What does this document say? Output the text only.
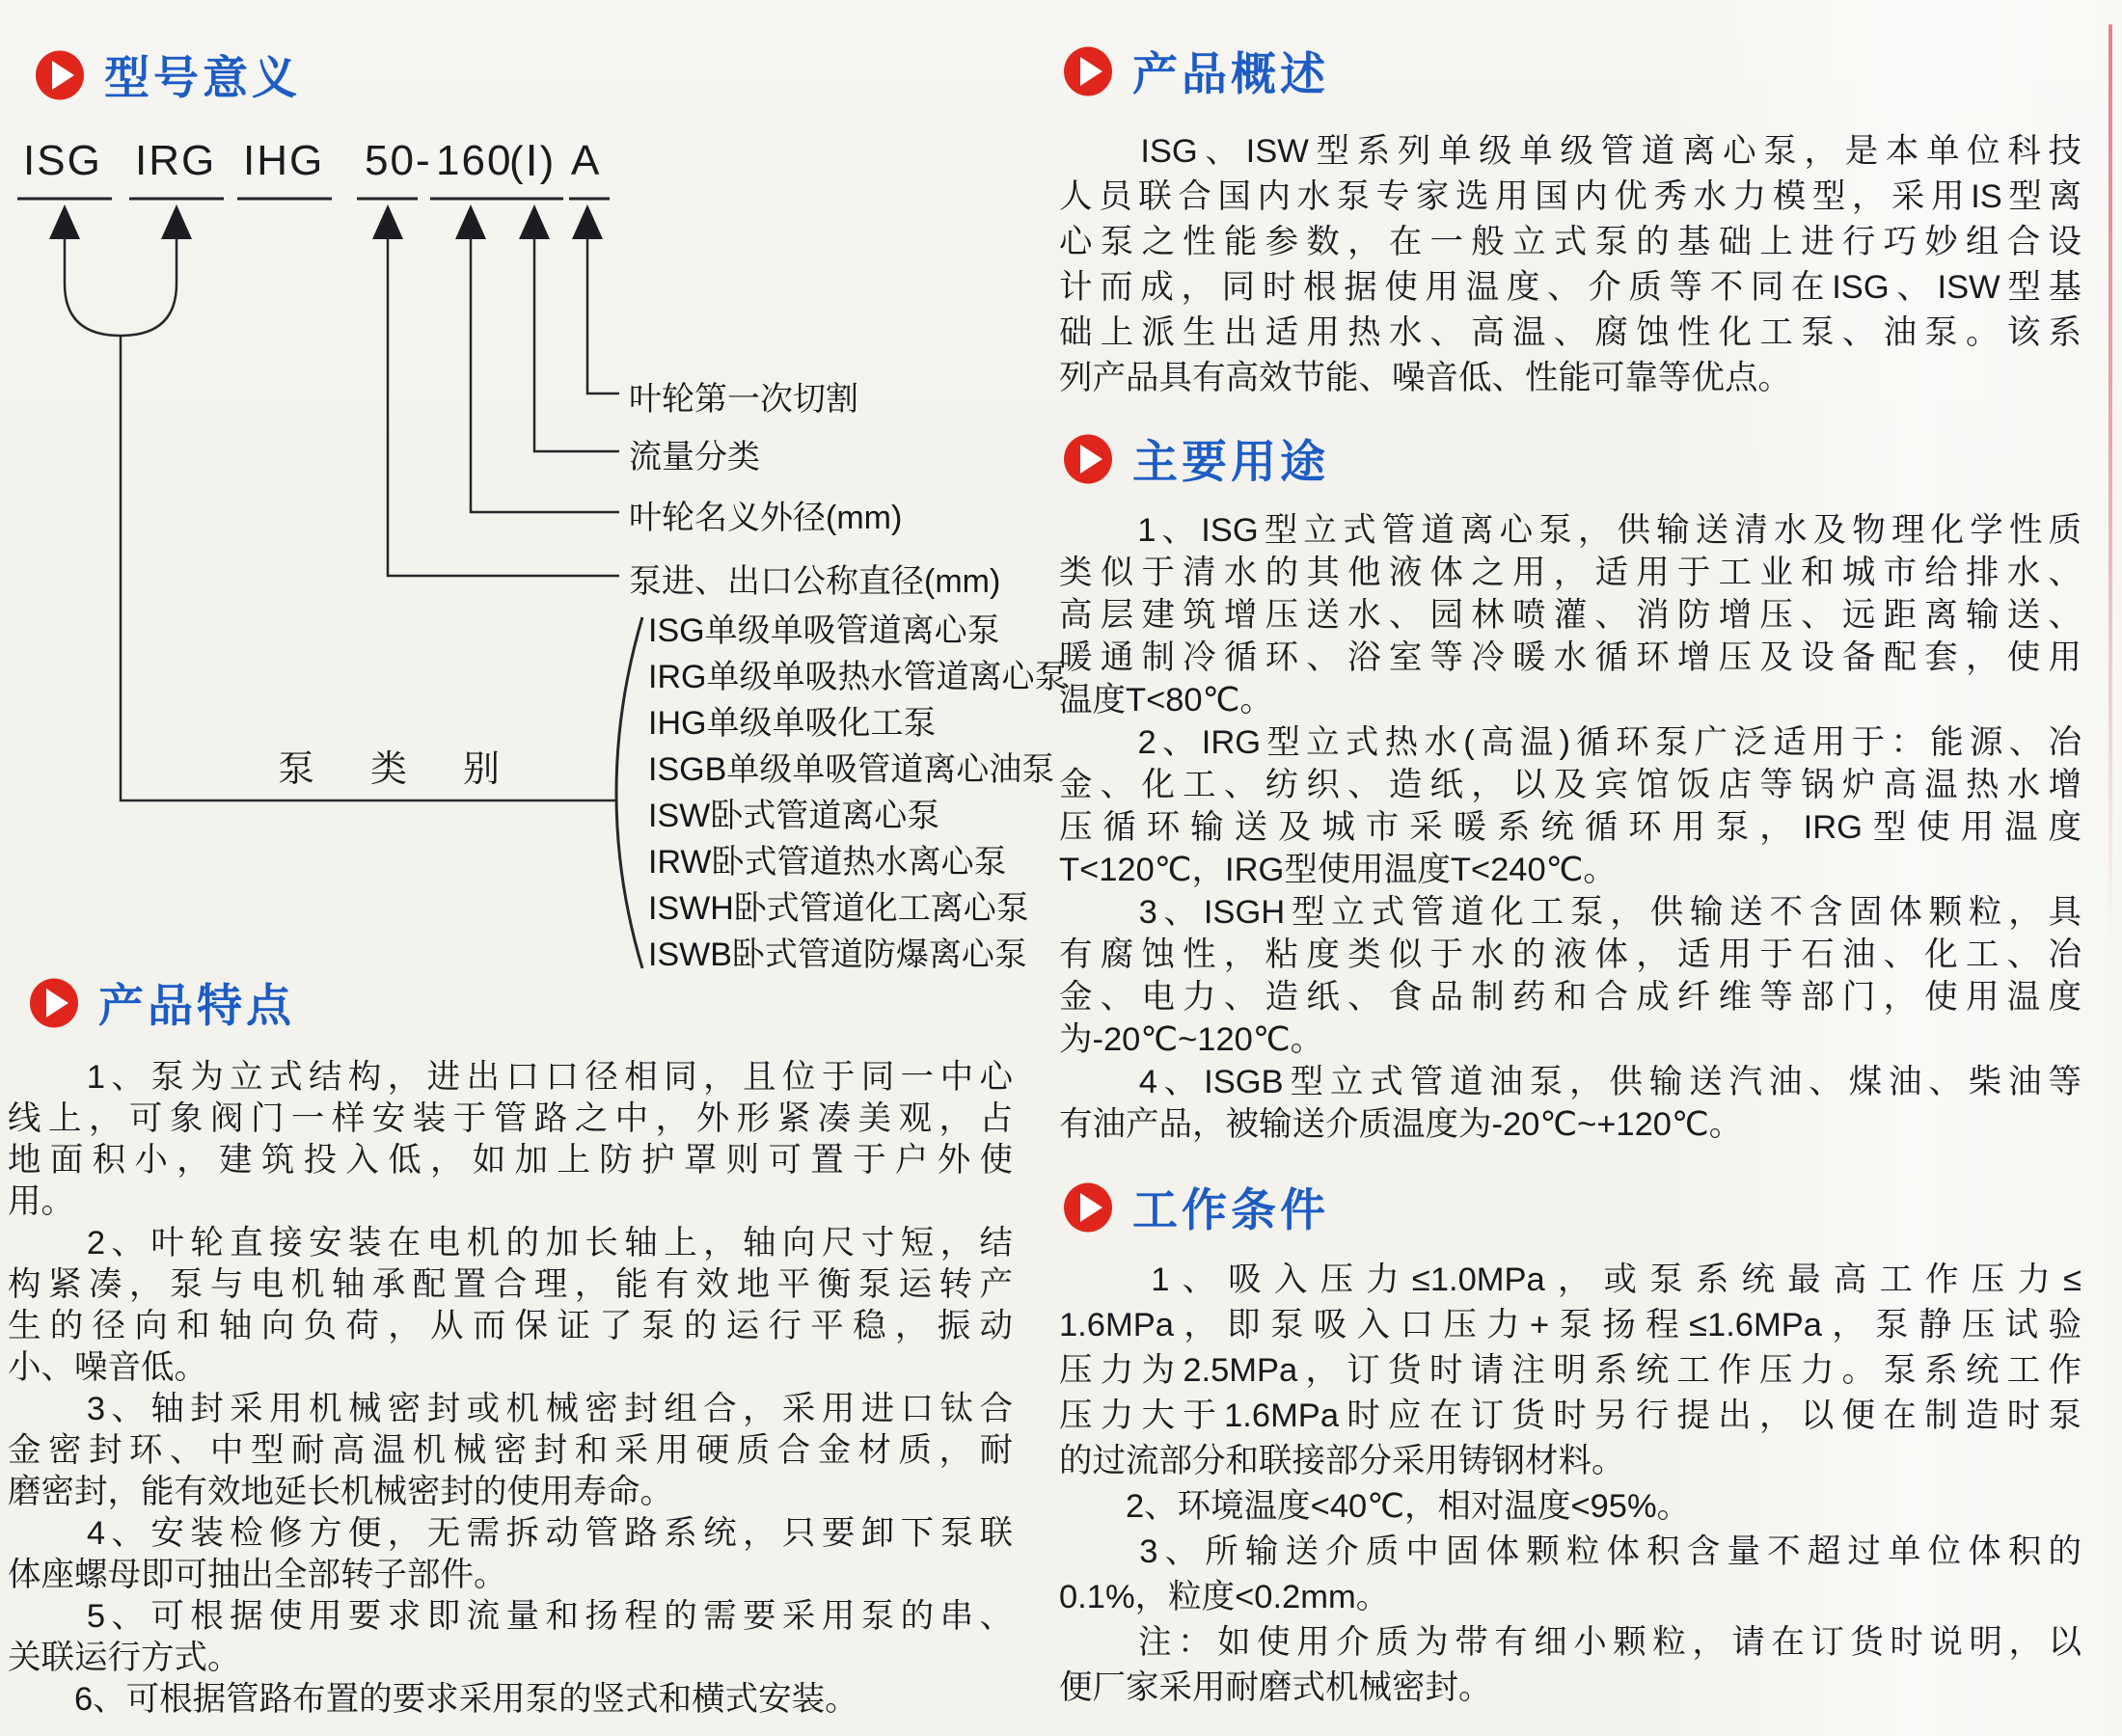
型号意义
ISG IRG IHG 50 - 160
(Ⅰ) A
叶轮第一次切割
流量分类
叶轮名义外径(mm)
泵进、出口公称直径(mm)
泵　类　别
ISG单级单吸管道离心泵
IRG单级单吸热水管道离心泵
IHG单级单吸化工泵
ISGB单级单吸管道离心油泵
ISW卧式管道离心泵
IRW卧式管道热水离心泵
ISWH卧式管道化工离心泵
ISWB卧式管道防爆离心泵
产品特点
　　1、泵为立式结构，进出口口径相同，且位于同一中心
线上，可象阀门一样安装于管路之中，外形紧凑美观，占
地面积小，建筑投入低，如加上防护罩则可置于户外使
用。
　　2、叶轮直接安装在电机的加长轴上，轴向尺寸短，结
构紧凑，泵与电机轴承配置合理，能有效地平衡泵运转产
生的径向和轴向负荷，从而保证了泵的运行平稳，振动
小、噪音低。
　　3、轴封采用机械密封或机械密封组合，采用进口钛合
金密封环、中型耐高温机械密封和采用硬质合金材质，耐
磨密封，能有效地延长机械密封的使用寿命。
　　4、安装检修方便，无需拆动管路系统，只要卸下泵联
体座螺母即可抽出全部转子部件。
　　5、可根据使用要求即流量和扬程的需要采用泵的串、
关联运行方式。
　　6、可根据管路布置的要求采用泵的竖式和横式安装。
产品概述
　　ISG、ISW型系列单级单级管道离心泵，是本单位科技
人员联合国内水泵专家选用国内优秀水力模型，采用IS型离
心泵之性能参数，在一般立式泵的基础上进行巧妙组合设
计而成，同时根据使用温度、介质等不同在ISG、ISW型基
础上派生出适用热水、高温、腐蚀性化工泵、油泵。该系
列产品具有高效节能、噪音低、性能可靠等优点。
主要用途
　　1、ISG型立式管道离心泵，供输送清水及物理化学性质
类似于清水的其他液体之用，适用于工业和城市给排水、
高层建筑增压送水、园林喷灌、消防增压、远距离输送、
暖通制冷循环、浴室等冷暖水循环增压及设备配套，使用
温度T<80℃。
　　2、IRG型立式热水(高温)循环泵广泛适用于：能源、冶
金、化工、纺织、造纸，以及宾馆饭店等锅炉高温热水增
压循环输送及城市采暖系统循环用泵，IRG型使用温度
T<120℃，IRG型使用温度T<240℃。
　　3、ISGH型立式管道化工泵，供输送不含固体颗粒，具
有腐蚀性，粘度类似于水的液体，适用于石油、化工、冶
金、电力、造纸、食品制药和合成纤维等部门，使用温度
为-20℃~120℃。
　　4、ISGB型立式管道油泵，供输送汽油、煤油、柴油等
有油产品，被输送介质温度为-20℃~+120℃。
工作条件
　　1、吸入压力≤1.0MPa，或泵系统最高工作压力≤
1.6MPa，即泵吸入口压力+泵扬程≤1.6MPa，泵静压试验
压力为2.5MPa，订货时请注明系统工作压力。泵系统工作
压力大于1.6MPa时应在订货时另行提出，以便在制造时泵
的过流部分和联接部分采用铸钢材料。
　　2、环境温度<40℃，相对温度<95%。
　　3、所输送介质中固体颗粒体积含量不超过单位体积的
0.1%，粒度<0.2mm。
　　注：如使用介质为带有细小颗粒，请在订货时说明，以
便厂家采用耐磨式机械密封。
